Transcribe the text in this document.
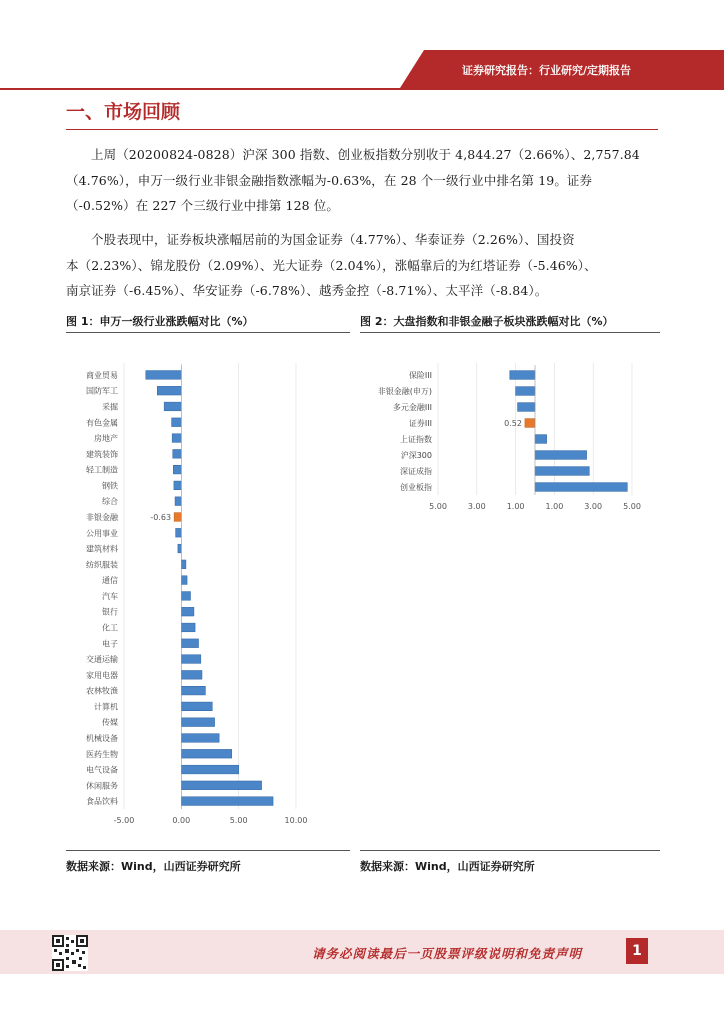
证券研究报告：行业研究/定期报告
一、市场回顾
上周（20200824-0828）沪深 300 指数、创业板指数分别收于 4,844.27（2.66%）、2,757.84
（4.76%），申万一级行业非银金融指数涨幅为-0.63%，在 28 个一级行业中排名第 19。证券
（-0.52%）在 227 个三级行业中排第 128 位。
个股表现中，证券板块涨幅居前的为国金证券（4.77%）、华泰证券（2.26%）、国投资
本（2.23%）、锦龙股份（2.09%）、光大证券（2.04%），涨幅靠后的为红塔证券（-5.46%）、
南京证券（-6.45%）、华安证券（-6.78%）、越秀金控（-8.71%）、太平洋（-8.84）。
图 1：申万一级行业涨跌幅对比（%）	图 2：大盘指数和非银金融子板块涨跌幅对比（%）
-5.00	0.00	5.00	10.00
商业贸易
国防军工
采掘
有色金属
房地产
建筑装饰
轻工制造
钢铁
综合
非银金融	-0.63
公用事业
建筑材料
纺织服装
通信
汽车
银行
化工
电子
交通运输
家用电器
农林牧渔
计算机
传媒
机械设备
医药生物
电气设备
休闲服务
食品饮料
5.00	3.00	1.00	1.00	3.00	5.00
保险III
非银金融(申万)
多元金融III
证券III	0.52
上证指数
沪深300
深证成指
创业板指
数据来源：Wind，山西证券研究所	数据来源：Wind，山西证券研究所
请务必阅读最后一页股票评级说明和免责声明	1
